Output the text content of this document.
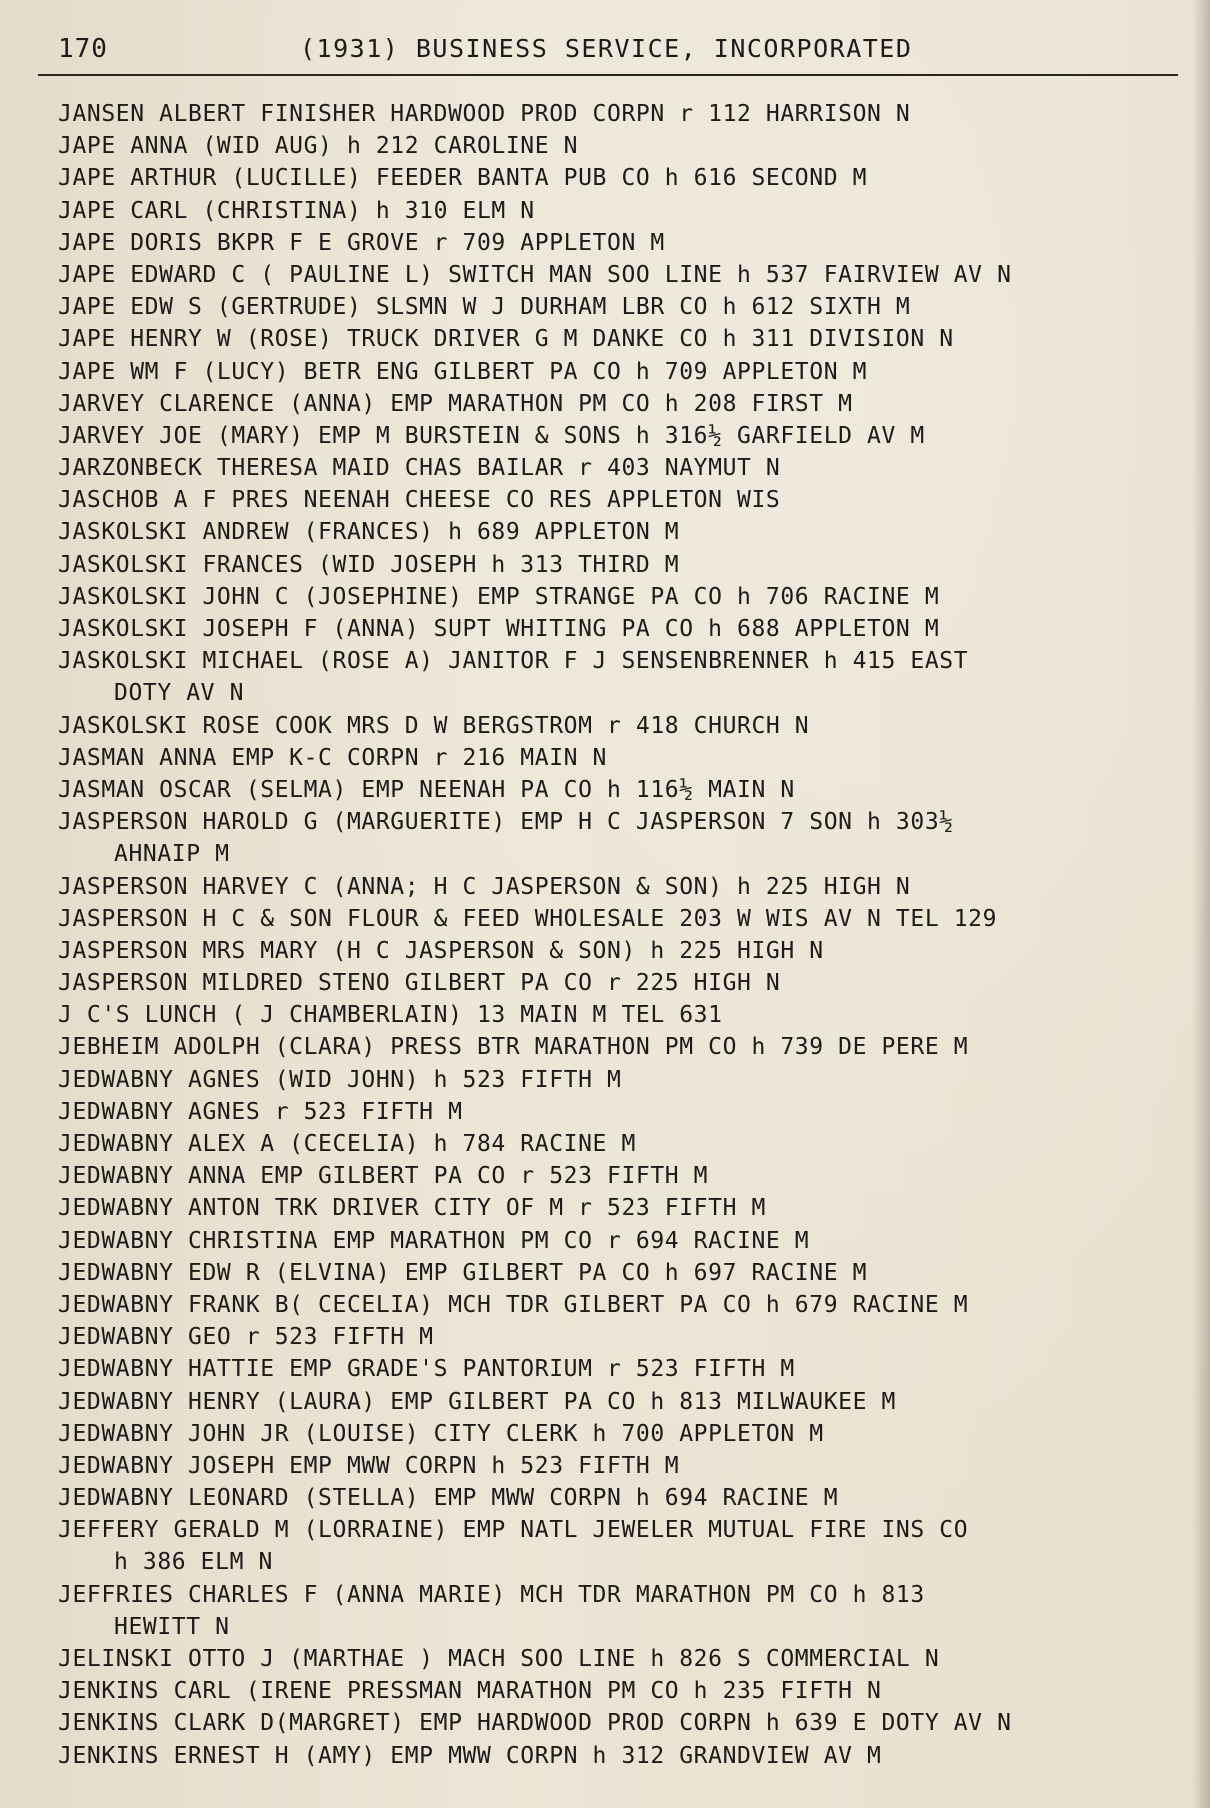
170	(1931) BUSINESS SERVICE, INCORPORATED
JANSEN ALBERT FINISHER HARDWOOD PROD CORPN r 112 HARRISON N
JAPE ANNA (WID AUG) h 212 CAROLINE N
JAPE ARTHUR (LUCILLE) FEEDER BANTA PUB CO h 616 SECOND M
JAPE CARL (CHRISTINA) h 310 ELM N
JAPE DORIS BKPR F E GROVE r 709 APPLETON M
JAPE EDWARD C ( PAULINE L) SWITCH MAN SOO LINE h 537 FAIRVIEW AV N
JAPE EDW S (GERTRUDE) SLSMN W J DURHAM LBR CO h 612 SIXTH M
JAPE HENRY W (ROSE) TRUCK DRIVER G M DANKE CO h 311 DIVISION N
JAPE WM F (LUCY) BETR ENG GILBERT PA CO h 709 APPLETON M
JARVEY CLARENCE (ANNA) EMP MARATHON PM CO h 208 FIRST M
JARVEY JOE (MARY) EMP M BURSTEIN & SONS h 316½ GARFIELD AV M
JARZONBECK THERESA MAID CHAS BAILAR r 403 NAYMUT N
JASCHOB A F PRES NEENAH CHEESE CO RES APPLETON WIS
JASKOLSKI ANDREW (FRANCES) h 689 APPLETON M
JASKOLSKI FRANCES (WID JOSEPH h 313 THIRD M
JASKOLSKI JOHN C (JOSEPHINE) EMP STRANGE PA CO h 706 RACINE M
JASKOLSKI JOSEPH F (ANNA) SUPT WHITING PA CO h 688 APPLETON M
JASKOLSKI MICHAEL (ROSE A) JANITOR F J SENSENBRENNER h 415 EAST
DOTY AV N
JASKOLSKI ROSE COOK MRS D W BERGSTROM r 418 CHURCH N
JASMAN ANNA EMP K-C CORPN r 216 MAIN N
JASMAN OSCAR (SELMA) EMP NEENAH PA CO h 116½ MAIN N
JASPERSON HAROLD G (MARGUERITE) EMP H C JASPERSON 7 SON h 303½
AHNAIP M
JASPERSON HARVEY C (ANNA; H C JASPERSON & SON) h 225 HIGH N
JASPERSON H C & SON FLOUR & FEED WHOLESALE 203 W WIS AV N TEL 129
JASPERSON MRS MARY (H C JASPERSON & SON) h 225 HIGH N
JASPERSON MILDRED STENO GILBERT PA CO r 225 HIGH N
J C'S LUNCH ( J CHAMBERLAIN) 13 MAIN M TEL 631
JEBHEIM ADOLPH (CLARA) PRESS BTR MARATHON PM CO h 739 DE PERE M
JEDWABNY AGNES (WID JOHN) h 523 FIFTH M
JEDWABNY AGNES r 523 FIFTH M
JEDWABNY ALEX A (CECELIA) h 784 RACINE M
JEDWABNY ANNA EMP GILBERT PA CO r 523 FIFTH M
JEDWABNY ANTON TRK DRIVER CITY OF M r 523 FIFTH M
JEDWABNY CHRISTINA EMP MARATHON PM CO r 694 RACINE M
JEDWABNY EDW R (ELVINA) EMP GILBERT PA CO h 697 RACINE M
JEDWABNY FRANK B( CECELIA) MCH TDR GILBERT PA CO h 679 RACINE M
JEDWABNY GEO r 523 FIFTH M
JEDWABNY HATTIE EMP GRADE'S PANTORIUM r 523 FIFTH M
JEDWABNY HENRY (LAURA) EMP GILBERT PA CO h 813 MILWAUKEE M
JEDWABNY JOHN JR (LOUISE) CITY CLERK h 700 APPLETON M
JEDWABNY JOSEPH EMP MWW CORPN h 523 FIFTH M
JEDWABNY LEONARD (STELLA) EMP MWW CORPN h 694 RACINE M
JEFFERY GERALD M (LORRAINE) EMP NATL JEWELER MUTUAL FIRE INS CO
h 386 ELM N
JEFFRIES CHARLES F (ANNA MARIE) MCH TDR MARATHON PM CO h 813
HEWITT N
JELINSKI OTTO J (MARTHAE ) MACH SOO LINE h 826 S COMMERCIAL N
JENKINS CARL (IRENE PRESSMAN MARATHON PM CO h 235 FIFTH N
JENKINS CLARK D(MARGRET) EMP HARDWOOD PROD CORPN h 639 E DOTY AV N
JENKINS ERNEST H (AMY) EMP MWW CORPN h 312 GRANDVIEW AV M
